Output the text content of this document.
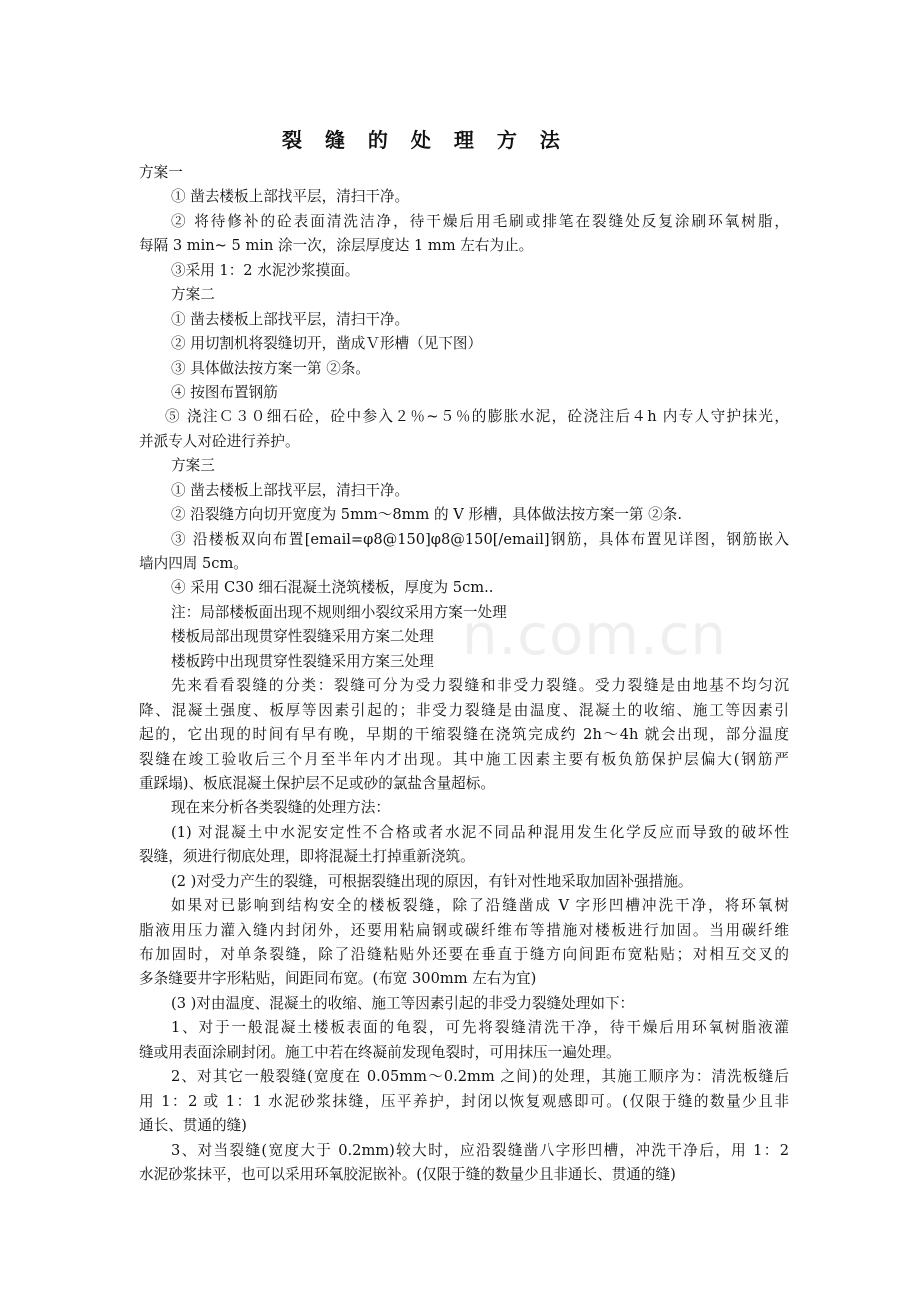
裂 缝 的 处 理 方 法
方案一
① 凿去楼板上部找平层，清扫干净。
② 将待修补的砼表面清洗洁净，待干燥后用毛刷或排笔在裂缝处反复涂刷环氧树脂，
每隔 3 min~ 5 min 涂一次，涂层厚度达 1 mm 左右为止。
③采用 1：2 水泥沙浆摸面。
方案二
① 凿去楼板上部找平层，清扫干净。
② 用切割机将裂缝切开，凿成Ｖ形槽（见下图）
③ 具体做法按方案一第 ②条。
④ 按图布置钢筋
⑤ 浇注Ｃ３０细石砼，砼中参入２％~５％的膨胀水泥，砼浇注后４h 内专人守护抹光，
并派专人对砼进行养护。
方案三
① 凿去楼板上部找平层，清扫干净。
② 沿裂缝方向切开宽度为 5mm～8mm 的 V 形槽，具体做法按方案一第 ②条.
③ 沿楼板双向布置[email=φ8@150]φ8@150[/email]钢筋，具体布置见详图，钢筋嵌入
墙内四周 5cm。
④ 采用 C30 细石混凝土浇筑楼板，厚度为 5cm..
注：局部楼板面出现不规则细小裂纹采用方案一处理
楼板局部出现贯穿性裂缝采用方案二处理
楼板跨中出现贯穿性裂缝采用方案三处理
先来看看裂缝的分类：裂缝可分为受力裂缝和非受力裂缝。受力裂缝是由地基不均匀沉
降、混凝土强度、板厚等因素引起的；非受力裂缝是由温度、混凝土的收缩、施工等因素引
起的，它出现的时间有早有晚，早期的干缩裂缝在浇筑完成约 2h～4h 就会出现，部分温度
裂缝在竣工验收后三个月至半年内才出现。其中施工因素主要有板负筋保护层偏大(钢筋严
重踩塌)、板底混凝土保护层不足或砂的氯盐含量超标。
现在来分析各类裂缝的处理方法：
(1) 对混凝土中水泥安定性不合格或者水泥不同品种混用发生化学反应而导致的破坏性
裂缝，须进行彻底处理，即将混凝土打掉重新浇筑。
(2 )对受力产生的裂缝，可根据裂缝出现的原因，有针对性地采取加固补强措施。
如果对已影响到结构安全的楼板裂缝，除了沿缝凿成 V 字形凹槽冲洗干净，将环氧树
脂液用压力灌入缝内封闭外，还要用粘扁钢或碳纤维布等措施对楼板进行加固。当用碳纤维
布加固时，对单条裂缝，除了沿缝粘贴外还要在垂直于缝方向间距布宽粘贴；对相互交叉的
多条缝要井字形粘贴，间距同布宽。(布宽 300mm 左右为宜)
(3 )对由温度、混凝土的收缩、施工等因素引起的非受力裂缝处理如下：
1、对于一般混凝土楼板表面的龟裂，可先将裂缝清洗干净，待干燥后用环氧树脂液灌
缝或用表面涂刷封闭。施工中若在终凝前发现龟裂时，可用抹压一遍处理。
2、对其它一般裂缝(宽度在 0.05mm～0.2mm 之间)的处理，其施工顺序为：清洗板缝后
用 1：2 或 1：1 水泥砂浆抹缝，压平养护，封闭以恢复观感即可。(仅限于缝的数量少且非
通长、贯通的缝)
3、对当裂缝(宽度大于 0.2mm)较大时，应沿裂缝凿八字形凹槽，冲洗干净后，用 1：2
水泥砂浆抹平，也可以采用环氧胶泥嵌补。(仅限于缝的数量少且非通长、贯通的缝)
n.com.cn
